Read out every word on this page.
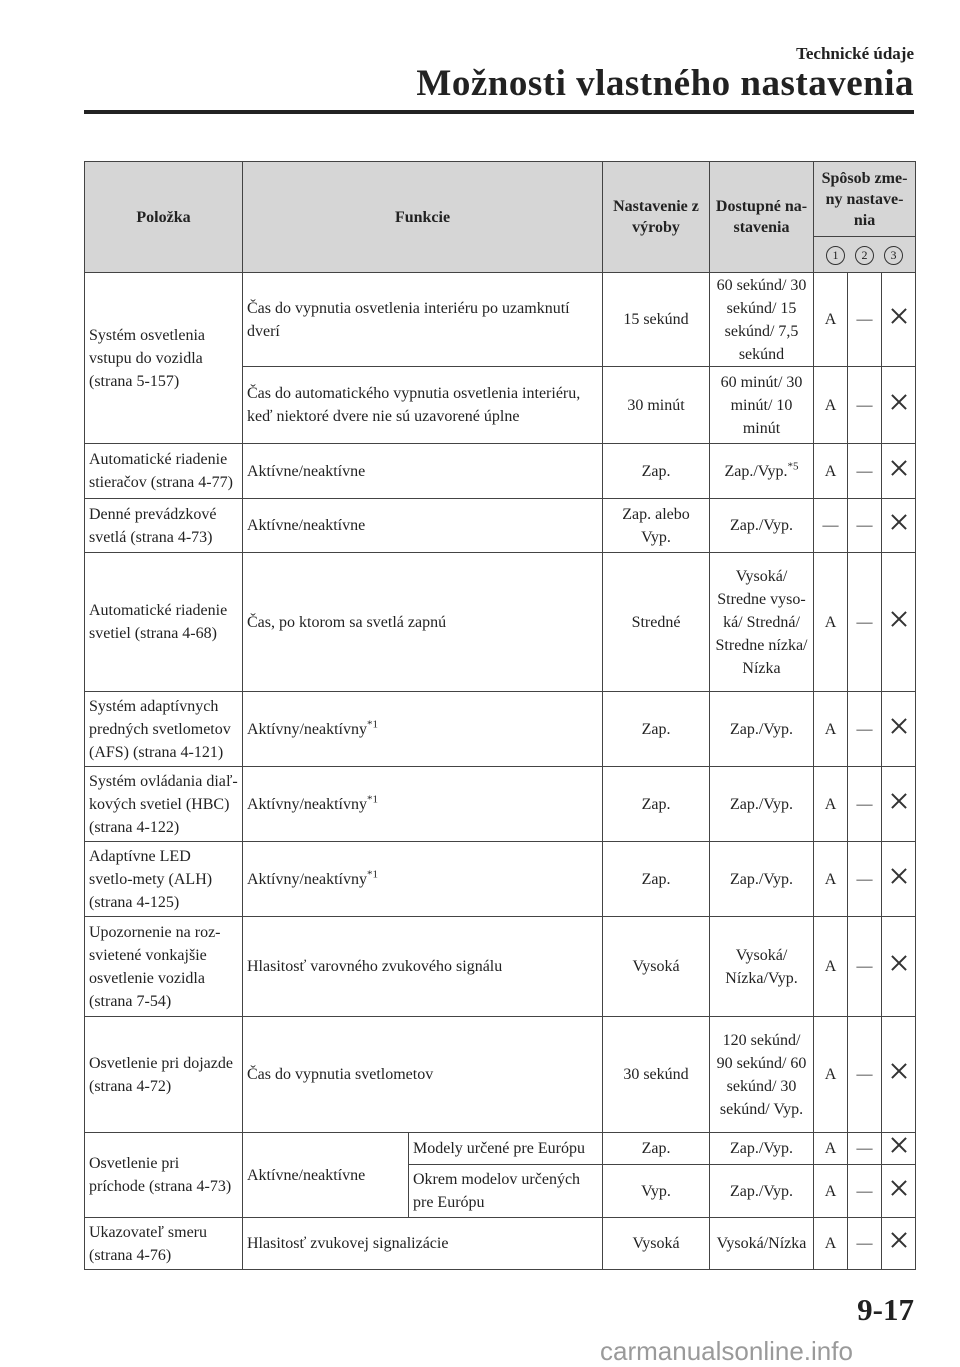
Technické údaje
Možnosti vlastného nastavenia
Položka	Funkcie		Nastavenie z výroby	Dostupné na-stavenia	Spôsob zme-ny nastave-nia		
					1 2 3		
Systém osvetlenia vstupu do vozidla (strana 5-157)	Čas do vypnutia osvetlenia interiéru po uzamknutí dverí		15 sekúnd	60 sekúnd/ 30 sekúnd/ 15 sekúnd/ 7,5 sekúnd	A	—	
	Čas do automatického vypnutia osvetlenia interiéru, keď niektoré dvere nie sú uzavorené úplne		30 minút	60 minút/ 30 minút/ 10 minút	A	—	
Automatické riadenie stieračov (strana 4-77)	Aktívne/neaktívne		Zap.	Zap./Vyp.$^{*5}$	A	—	
Denné prevádzkové svetlá (strana 4-73)	Aktívne/neaktívne		Zap. alebo Vyp.	Zap./Vyp.	—	—	
Automatické riadenie svetiel (strana 4-68)	Čas, po ktorom sa svetlá zapnú		Stredné	Vysoká/ Stredne vyso-ká/ Stredná/ Stredne nízka/ Nízka	A	—	
Systém adaptívnych predných svetlometov (AFS) (strana 4-121)	Aktívny/neaktívny$^{*1}$		Zap.	Zap./Vyp.	A	—	
Systém ovládania diaľ-kových svetiel (HBC) (strana 4-122)	Aktívny/neaktívny$^{*1}$		Zap.	Zap./Vyp.	A	—	
Adaptívne LED svetlo-mety (ALH) (strana 4-125)	Aktívny/neaktívny$^{*1}$		Zap.	Zap./Vyp.	A	—	
Upozornenie na roz-svietené vonkajšie osvetlenie vozidla (strana 7-54)	Hlasitosť varovného zvukového signálu		Vysoká	Vysoká/ Nízka/Vyp.	A	—	
Osvetlenie pri dojazde (strana 4-72)	Čas do vypnutia svetlometov		30 sekúnd	120 sekúnd/ 90 sekúnd/ 60 sekúnd/ 30 sekúnd/ Vyp.	A	—	
Osvetlenie pri príchode (strana 4-73)	Aktívne/neaktívne	Modely určené pre Európu	Zap.	Zap./Vyp.	A	—	
		Okrem modelov určených pre Európu	Vyp.	Zap./Vyp.	A	—	
Ukazovateľ smeru (strana 4-76)	Hlasitosť zvukovej signalizácie		Vysoká	Vysoká/Nízka	A	—	
9-17
carmanualsonline.info
